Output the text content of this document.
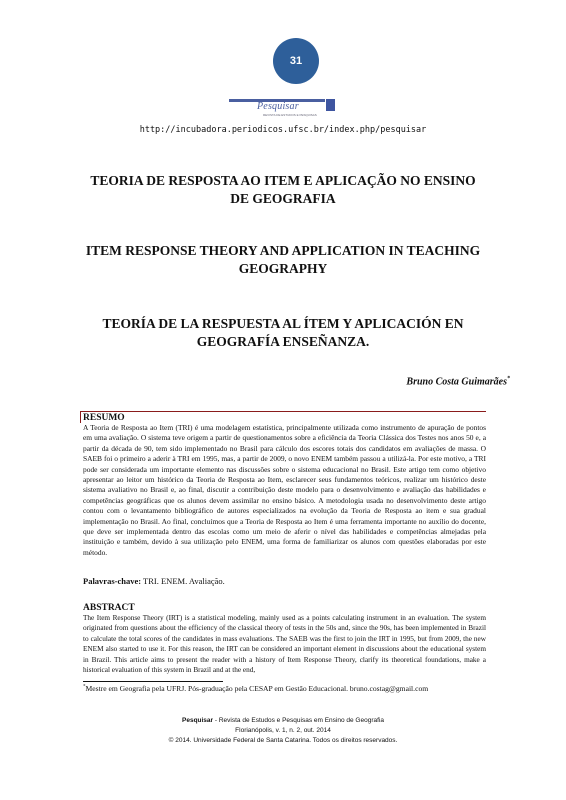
31
Pesquisar
REVISTA DE ESTUDOS E PESQUISAS
http://incubadora.periodicos.ufsc.br/index.php/pesquisar
TEORIA DE RESPOSTA AO ITEM E APLICAÇÃO NO ENSINO DE GEOGRAFIA
ITEM RESPONSE THEORY AND APPLICATION IN TEACHING GEOGRAPHY
TEORÍA DE LA RESPUESTA AL ÍTEM Y APLICACIÓN EN GEOGRAFÍA ENSEÑANZA.
Bruno Costa Guimarães*
RESUMO
A Teoria de Resposta ao Item (TRI) é uma modelagem estatística, principalmente utilizada como instrumento de apuração de pontos em uma avaliação. O sistema teve origem a partir de questionamentos sobre a eficiência da Teoria Clássica dos Testes nos anos 50 e, a partir da década de 90, tem sido implementado no Brasil para cálculo dos escores totais dos candidatos em avaliações de massa. O SAEB foi o primeiro a aderir à TRI em 1995, mas, a partir de 2009, o novo ENEM também passou a utilizá-la. Por este motivo, a TRI pode ser considerada um importante elemento nas discussões sobre o sistema educacional no Brasil. Este artigo tem como objetivo apresentar ao leitor um histórico da Teoria de Resposta ao Item, esclarecer seus fundamentos teóricos, realizar um histórico deste sistema avaliativo no Brasil e, ao final, discutir a contribuição deste modelo para o desenvolvimento e avaliação das habilidades e competências geográficas que os alunos devem assimilar no ensino básico. A metodologia usada no desenvolvimento deste artigo contou com o levantamento bibliográfico de autores especializados na evolução da Teoria de Resposta ao item e sua gradual implementação no Brasil. Ao final, concluímos que a Teoria de Resposta ao Item é uma ferramenta importante no auxílio do docente, que deve ser implementada dentro das escolas como um meio de aferir o nível das habilidades e competências almejadas pela instituição e também, devido à sua utilização pelo ENEM, uma forma de familiarizar os alunos com questões elaboradas por este método.
Palavras-chave: TRI. ENEM. Avaliação.
ABSTRACT
The Item Response Theory (IRT) is a statistical modeling, mainly used as a points calculating instrument in an evaluation. The system originated from questions about the efficiency of the classical theory of tests in the 50s and, since the 90s, has been implemented in Brazil to calculate the total scores of the candidates in mass evaluations. The SAEB was the first to join the IRT in 1995, but from 2009, the new ENEM also started to use it. For this reason, the IRT can be considered an important element in discussions about the educational system in Brazil. This article aims to present the reader with a history of Item Response Theory, clarify its theoretical foundations, make a historical evaluation of this system in Brazil and at the end,
*Mestre em Geografia pela UFRJ. Pós-graduação pela CESAP em Gestão Educacional. bruno.costag@gmail.com
Pesquisar - Revista de Estudos e Pesquisas em Ensino de Geografia
Florianópolis, v. 1, n. 2, out. 2014
© 2014. Universidade Federal de Santa Catarina. Todos os direitos reservados.
